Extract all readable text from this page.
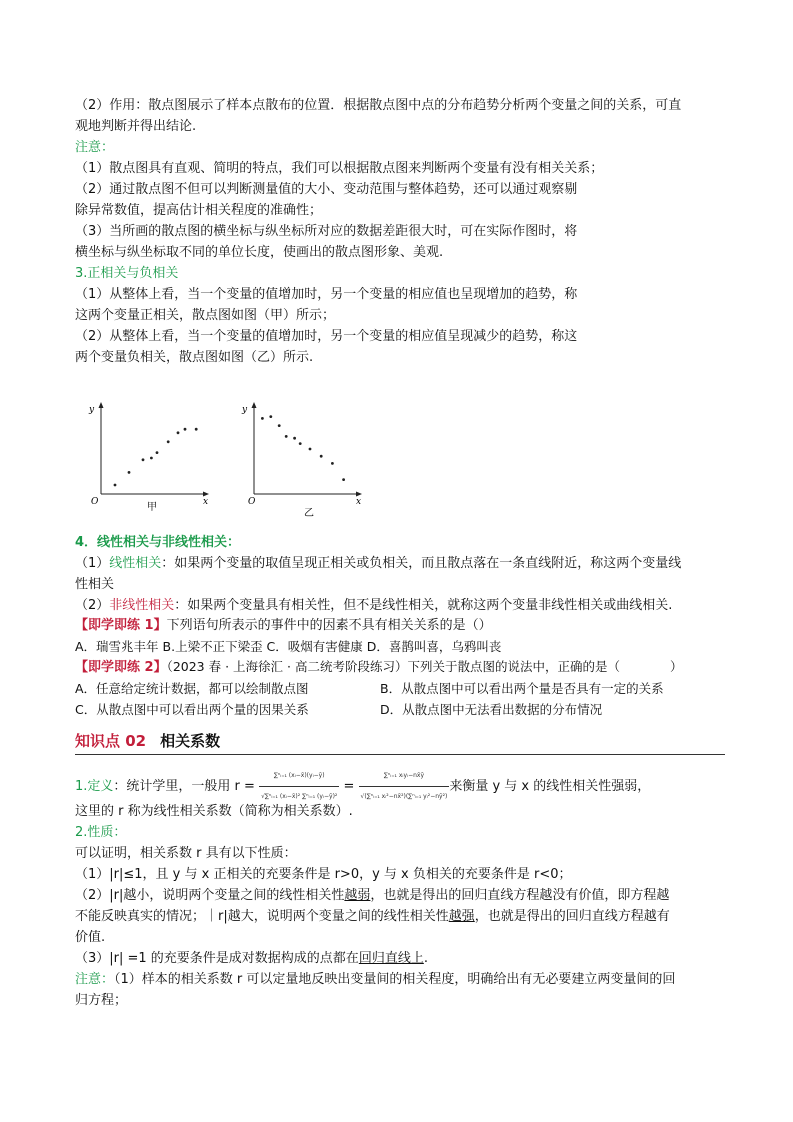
（2）作用：散点图展示了样本点散布的位置．根据散点图中点的分布趋势分析两个变量之间的关系，可直
观地判断并得出结论.
注意：
（1）散点图具有直观、简明的特点，我们可以根据散点图来判断两个变量有没有相关关系；
（2）通过散点图不但可以判断测量值的大小、变动范围与整体趋势，还可以通过观察剔
除异常数值，提高估计相关程度的准确性；
（3）当所画的散点图的横坐标与纵坐标所对应的数据差距很大时，可在实际作图时，将
横坐标与纵坐标取不同的单位长度，使画出的散点图形象、美观.
3.正相关与负相关
（1）从整体上看，当一个变量的值增加时，另一个变量的相应值也呈现增加的趋势，称
这两个变量正相关，散点图如图（甲）所示；
（2）从整体上看，当一个变量的值增加时，另一个变量的相应值呈现减少的趋势，称这
两个变量负相关，散点图如图（乙）所示.
y
x
O	甲
y
x
O
乙
4．线性相关与非线性相关：
（1）线性相关：如果两个变量的取值呈现正相关或负相关，而且散点落在一条直线附近，称这两个变量线
性相关
（2）非线性相关：如果两个变量具有相关性，但不是线性相关，就称这两个变量非线性相关或曲线相关.
【即学即练 1】下列语句所表示的事件中的因素不具有相关关系的是（）
A．瑞雪兆丰年 B.上梁不正下梁歪 C．吸烟有害健康 D．喜鹊叫喜，乌鸦叫丧
【即学即练 2】（2023 春 · 上海徐汇 · 高二统考阶段练习）下列关于散点图的说法中，正确的是（　　　　）
A．任意给定统计数据，都可以绘制散点图	B．从散点图中可以看出两个量是否具有一定的关系
C．从散点图中可以看出两个量的因果关系	D．从散点图中无法看出数据的分布情况
知识点 02 相关系数
1.定义：统计学里，一般用 $r = \frac{\text{∑ⁿᵢ₌₁ (xᵢ−x̄)(yᵢ−ȳ)}}{\text{√∑ⁿᵢ₌₁ (xᵢ−x̄)² ∑ⁿᵢ₌₁ (yᵢ−ȳ)²}} = \frac{\text{∑ⁿᵢ₌₁ xᵢyᵢ−nx̄ȳ}}{\text{√(∑ⁿᵢ₌₁ xᵢ²−nx̄²)(∑ⁿᵢ₌₁ yᵢ²−nȳ²)}}$ 来衡量 y 与 x 的线性相关性强弱，
这里的 r 称为线性相关系数（简称为相关系数）.
2.性质：
可以证明，相关系数 r 具有以下性质：
（1）|r|≤1，且 y 与 x 正相关的充要条件是 r>0，y 与 x 负相关的充要条件是 r<0；
（2）|r|越小，说明两个变量之间的线性相关性越弱，也就是得出的回归直线方程越没有价值，即方程越
不能反映真实的情况；｜r|越大，说明两个变量之间的线性相关性越强，也就是得出的回归直线方程越有
价值.
（3）|r| =1 的充要条件是成对数据构成的点都在回归直线上.
注意：（1）样本的相关系数 r 可以定量地反映出变量间的相关程度，明确给出有无必要建立两变量间的回
归方程；
